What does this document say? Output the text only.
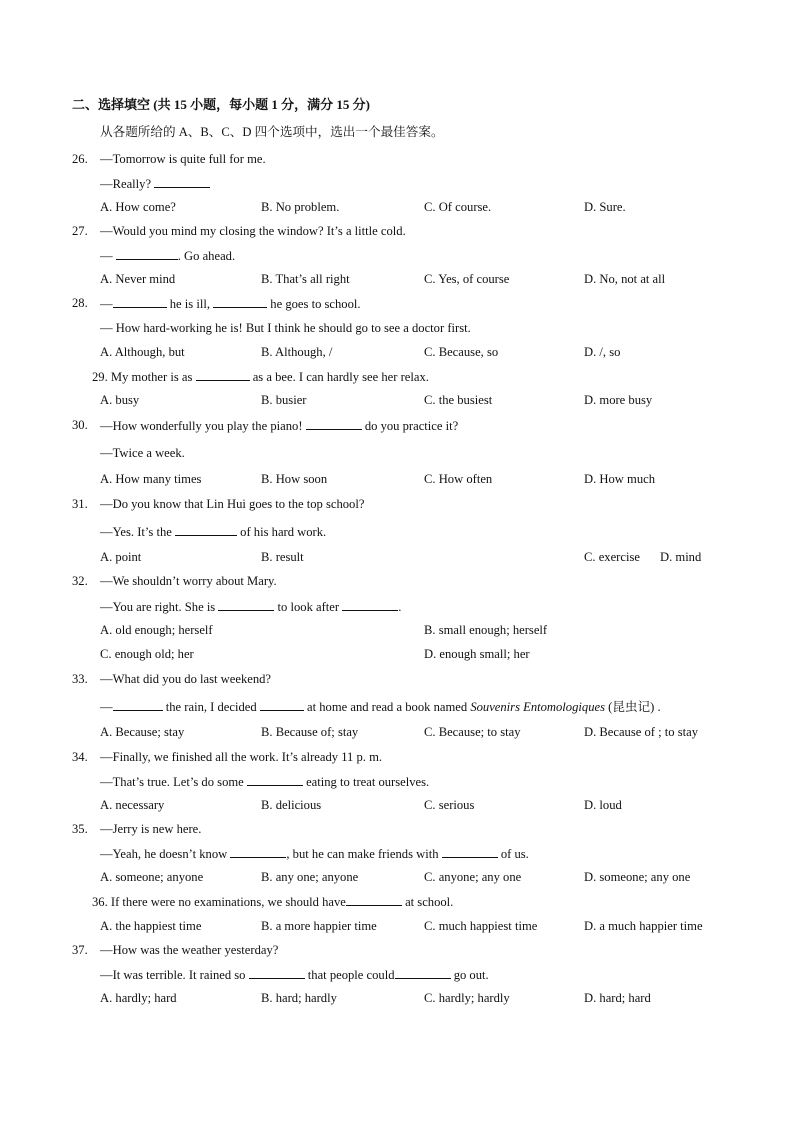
二、选择填空 (共 15 小题，每小题 1 分，满分 15 分)
从各题所给的 A、B、C、D 四个选项中，选出一个最佳答案。
26. —Tomorrow is quite full for me.
—Really?
A. How come?	B. No problem.	C. Of course.	D. Sure.
27. —Would you mind my closing the window? It’s a little cold.
—	. Go ahead.
A. Never mind	B. That’s all right	C. Yes, of course	D. No, not at all
28. —	he is ill,	he goes to school.
— How hard-working he is! But I think he should go to see a doctor first.
A. Although, but	B. Although, /	C. Because, so	D. /, so
29. My mother is as	as a bee. I can hardly see her relax.
A. busy	B. busier	C. the busiest	D. more busy
30. —How wonderfully you play the piano!	do you practice it?
—Twice a week.
A. How many times	B. How soon	C. How often	D. How much
31. —Do you know that Lin Hui goes to the top school?
—Yes. It’s the	of his hard work.
A. point	B. result	C. exercise D. mind
32. —We shouldn’t worry about Mary.
—You are right. She is	to look after	.
A. old enough; herself	B. small enough; herself
C. enough old; her	D. enough small; her
33. —What did you do last weekend?
—	the rain, I decided	at home and read a book named Souvenirs Entomologiques (昆虫记) .
A. Because; stay	B. Because of; stay	C. Because; to stay	D. Because of ; to stay
34. —Finally, we finished all the work. It’s already 11 p. m.
—That’s true. Let’s do some	eating to treat ourselves.
A. necessary	B. delicious	C. serious	D. loud
35. —Jerry is new here.
—Yeah, he doesn’t know	, but he can make friends with	of us.
A. someone; anyone	B. any one; anyone	C. anyone; any one	D. someone; any one
36. If there were no examinations, we should have	at school.
A. the happiest time	B. a more happier time	C. much happiest time	D. a much happier time
37. —How was the weather yesterday?
—It was terrible. It rained so	that people could	go out.
A. hardly; hard	B. hard; hardly	C. hardly; hardly	D. hard; hard
